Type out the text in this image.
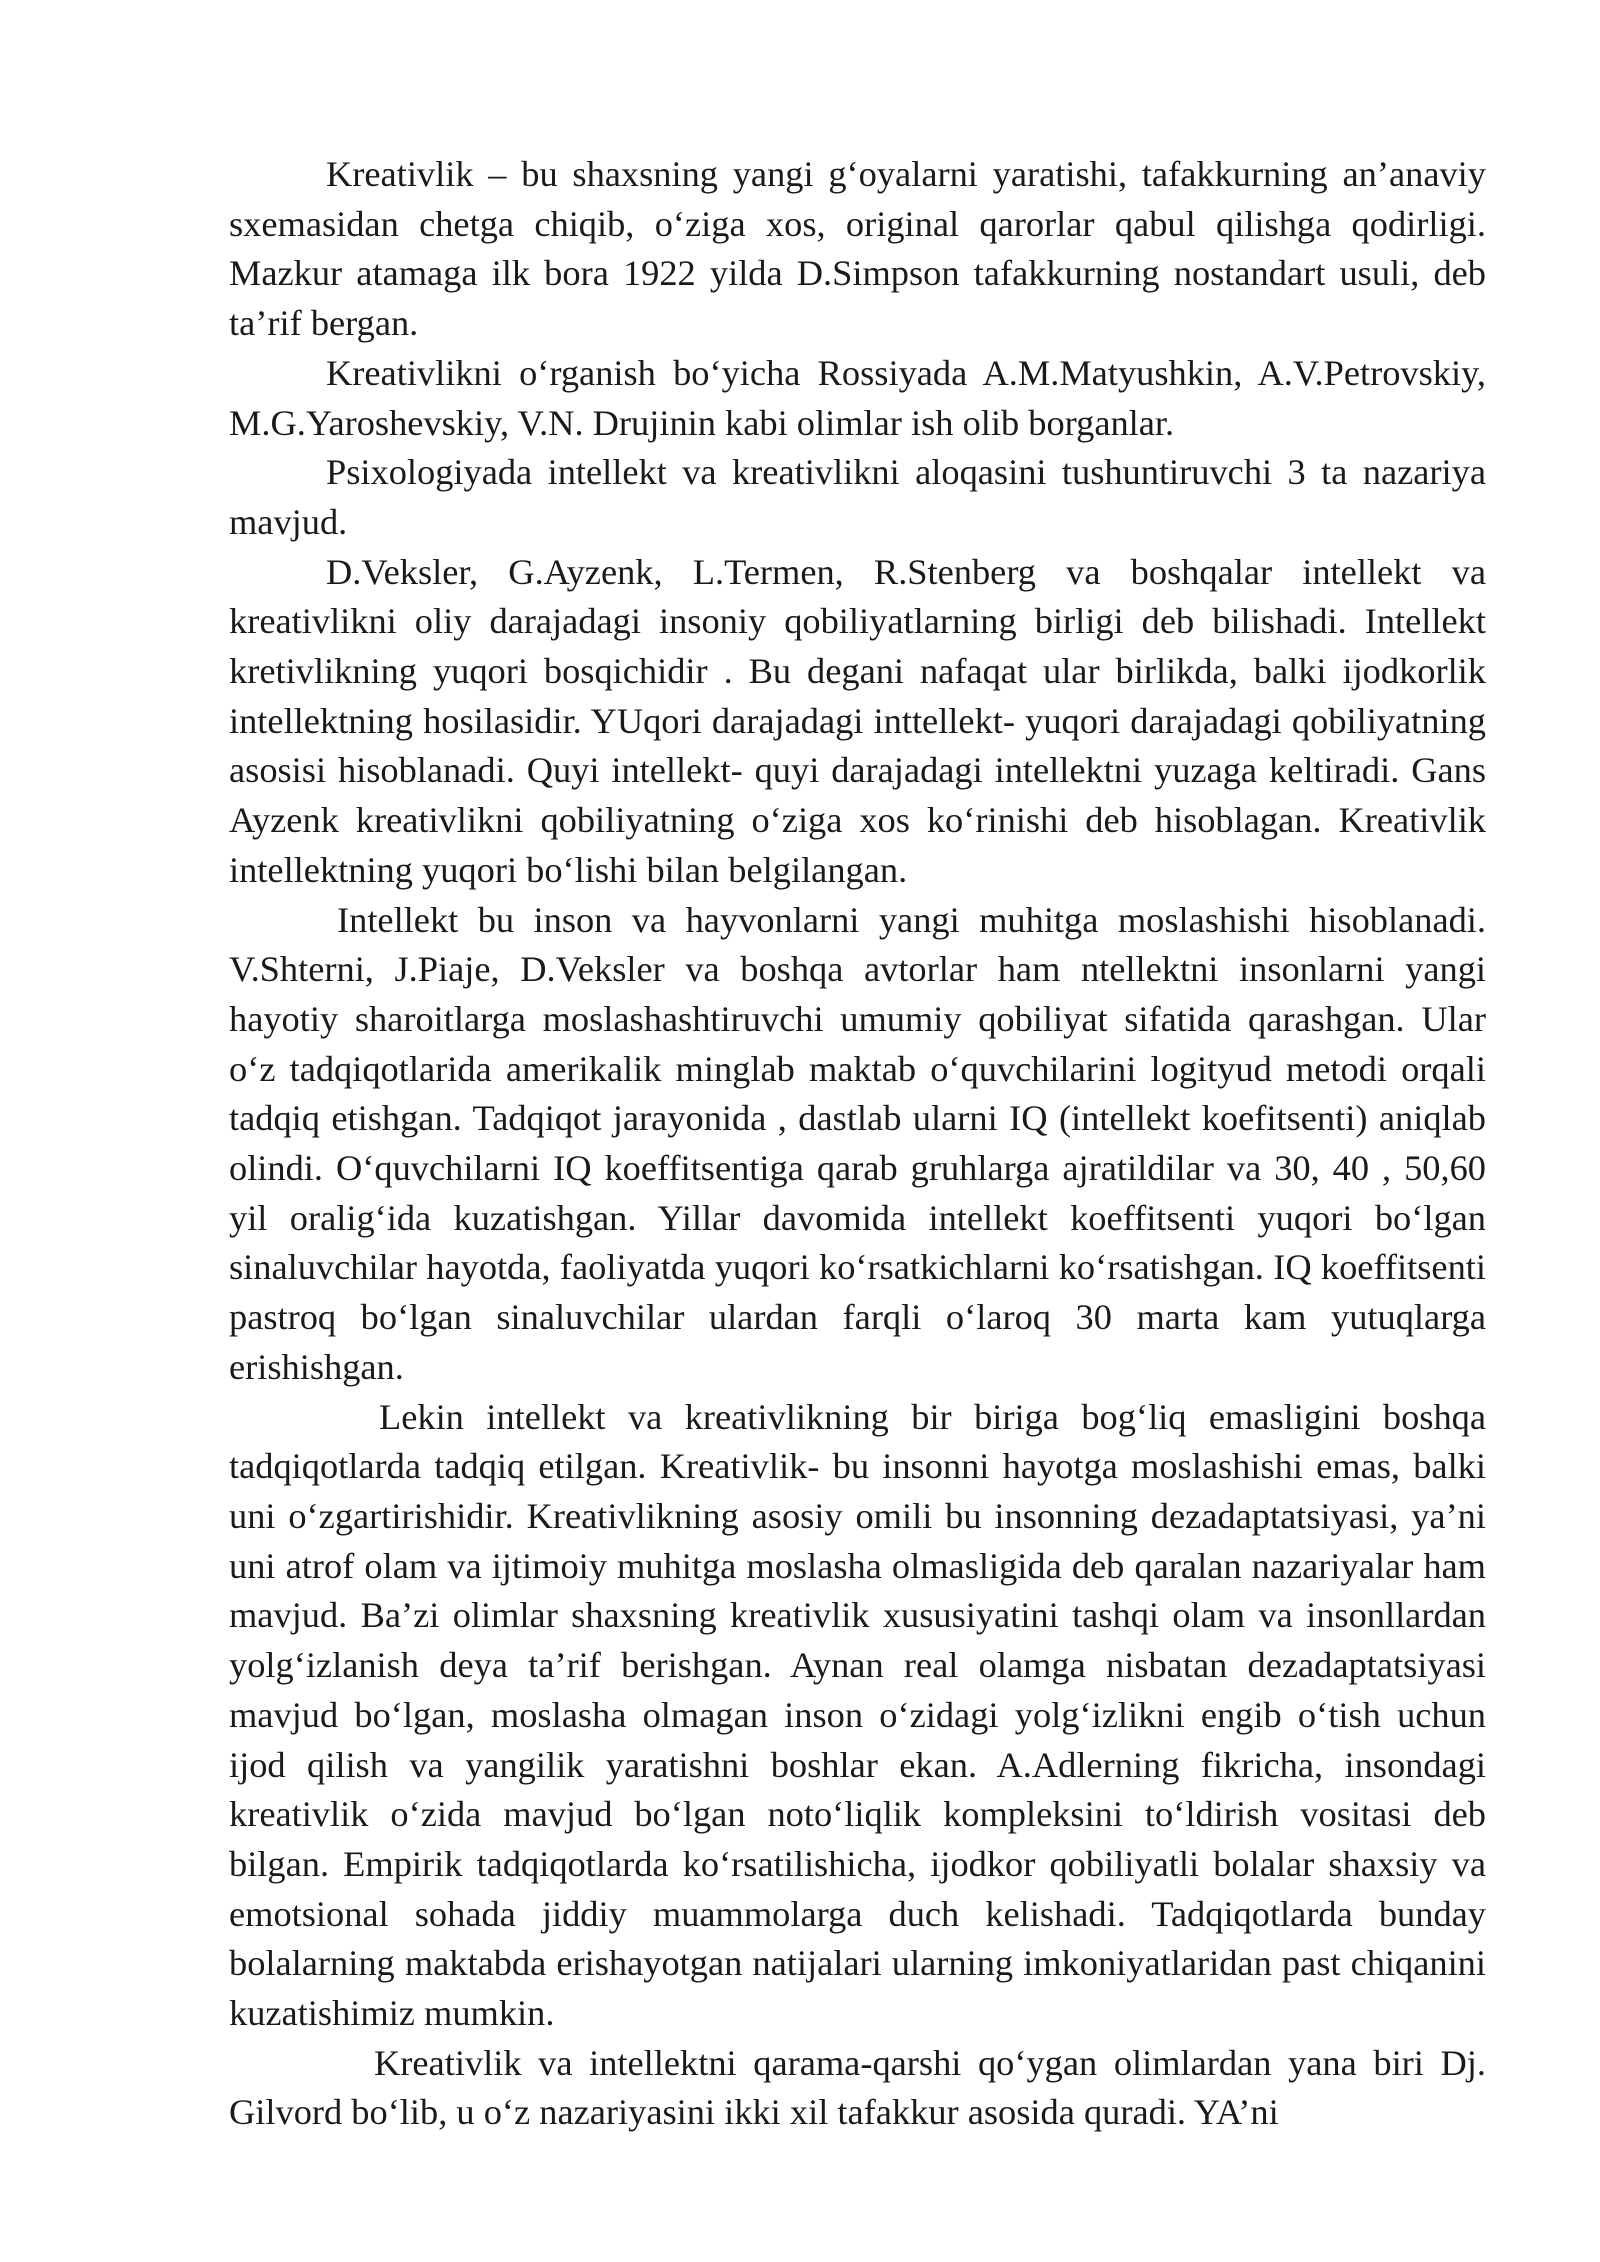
Kreativlik – bu shaxsning yangi g‘oyalarni yaratishi, tafakkurning an’anaviy sxemasidan chetga chiqib, o‘ziga xos, original qarorlar qabul qilishga qodirligi. Mazkur atamaga ilk bora 1922 yilda D.Simpson tafakkurning nostandart usuli, deb ta’rif bergan.

Kreativlikni o‘rganish bo‘yicha Rossiyada A.M.Matyushkin, A.V.Petrovskiy, M.G.Yaroshevskiy, V.N. Drujinin kabi olimlar ish olib borganlar.

Psixologiyada intellekt va kreativlikni aloqasini tushuntiruvchi 3 ta nazariya mavjud.

D.Veksler, G.Ayzenk, L.Termen, R.Stenberg va boshqalar intellekt va kreativlikni oliy darajadagi insoniy qobiliyatlarning birligi deb bilishadi. Intellekt kretivlikning yuqori bosqichidir . Bu degani nafaqat ular birlikda, balki ijodkorlik intellektning hosilasidir. YUqori darajadagi inttellekt- yuqori darajadagi qobiliyatning asosisi hisoblanadi. Quyi intellekt- quyi darajadagi intellektni yuzaga keltiradi. Gans Ayzenk kreativlikni qobiliyatning o‘ziga xos ko‘rinishi deb hisoblagan. Kreativlik intellektning yuqori bo‘lishi bilan belgilangan.

Intellekt bu inson va hayvonlarni yangi muhitga moslashishi hisoblanadi. V.Shterni, J.Piaje, D.Veksler va boshqa avtorlar ham ntellektni insonlarni yangi hayotiy sharoitlarga moslashashtiruvchi umumiy qobiliyat sifatida qarashgan. Ular o‘z tadqiqotlarida amerikalik minglab maktab o‘quvchilarini logityud metodi orqali tadqiq etishgan. Tadqiqot jarayonida , dastlab ularni IQ (intellekt koefitsenti) aniqlab olindi. O‘quvchilarni IQ koeffitsentiga qarab gruhlarga ajratildilar va 30, 40 , 50,60 yil oralig‘ida kuzatishgan. Yillar davomida intellekt koeffitsenti yuqori bo‘lgan sinaluvchilar hayotda, faoliyatda yuqori ko‘rsatkichlarni ko‘rsatishgan. IQ koeffitsenti pastroq bo‘lgan sinaluvchilar ulardan farqli o‘laroq 30 marta kam yutuqlarga erishishgan.

Lekin intellekt va kreativlikning bir biriga bog‘liq emasligini boshqa tadqiqotlarda tadqiq etilgan. Kreativlik- bu insonni hayotga moslashishi emas, balki uni o‘zgartirishidir. Kreativlikning asosiy omili bu insonning dezadaptatsiyasi, ya’ni uni atrof olam va ijtimoiy muhitga moslasha olmasligida deb qaralan nazariyalar ham mavjud. Ba’zi olimlar shaxsning kreativlik xususiyatini tashqi olam va insonllardan yolg‘izlanish deya ta’rif berishgan. Aynan real olamga nisbatan dezadaptatsiyasi mavjud bo‘lgan, moslasha olmagan inson o‘zidagi yolg‘izlikni engib o‘tish uchun ijod qilish va yangilik yaratishni boshlar ekan. A.Adlerning fikricha, insondagi kreativlik o‘zida mavjud bo‘lgan noto‘liqlik kompleksini to‘ldirish vositasi deb bilgan. Empirik tadqiqotlarda ko‘rsatilishicha, ijodkor qobiliyatli bolalar shaxsiy va emotsional sohada jiddiy muammolarga duch kelishadi. Tadqiqotlarda bunday bolalarning maktabda erishayotgan natijalari ularning imkoniyatlaridan past chiqanini kuzatishimiz mumkin.

Kreativlik va intellektni qarama-qarshi qo‘ygan olimlardan yana biri Dj. Gilvord bo‘lib, u o‘z nazariyasini ikki xil tafakkur asosida quradi. YA’ni
